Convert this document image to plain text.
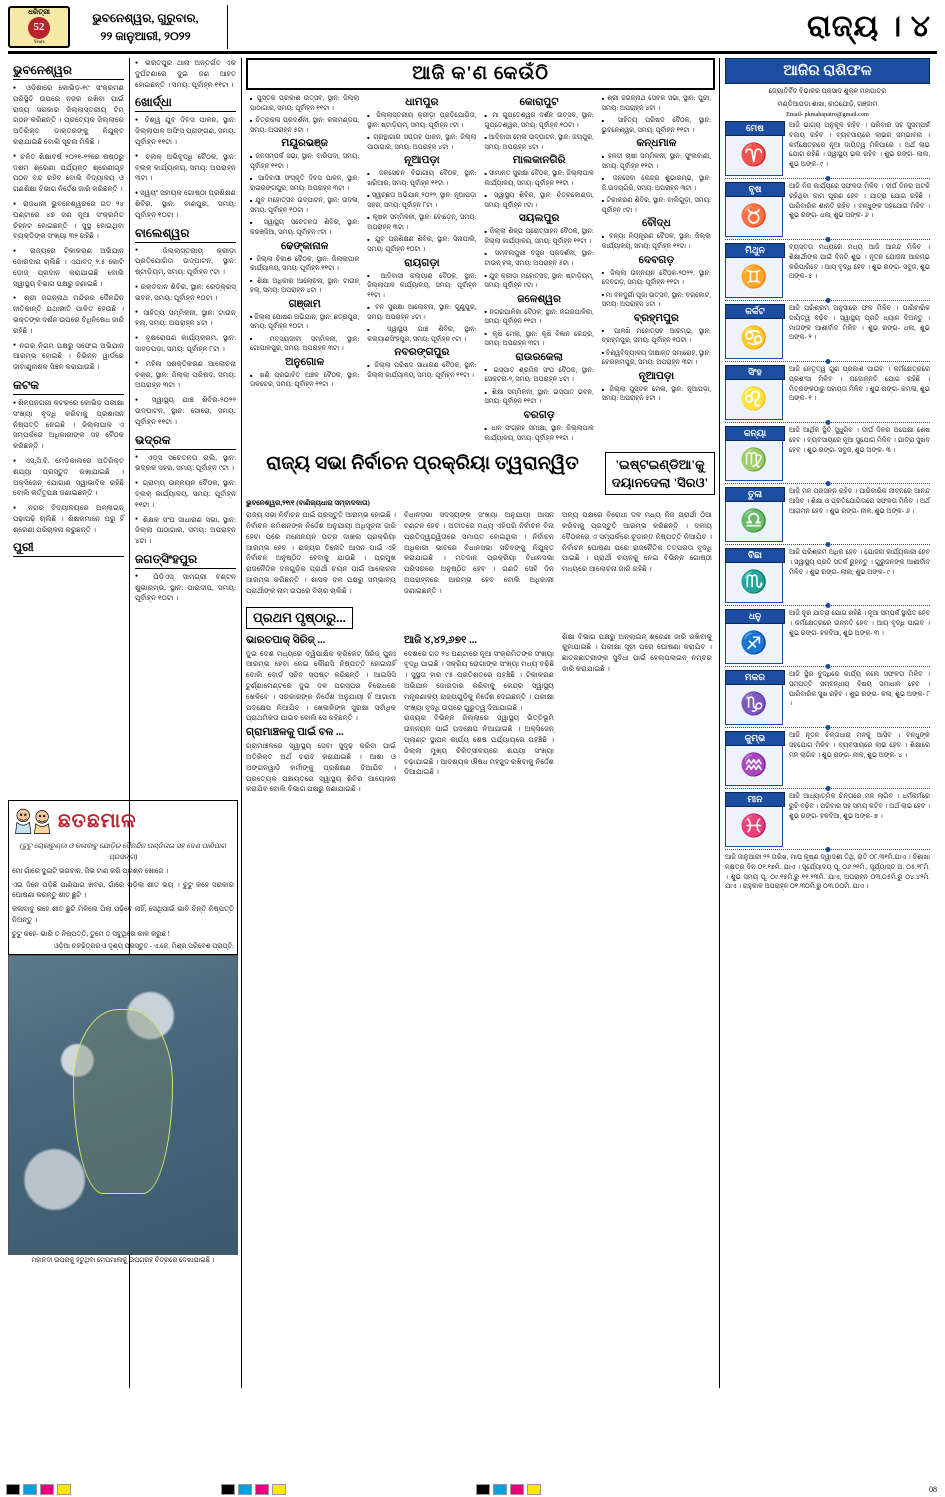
ଧରିତ୍ରୀ
52
Years
ଭୁବନେଶ୍ୱର, ଗୁରୁବାର,
୨୨ ଜାନୁଆରୀ, ୨୦୨୨	ରାଜ୍ୟ । ୪
ଭୁବନେଶ୍ୱର

● ଓଡ଼ିଶାରେ କୋଭିଡ଼-୧୯ ସଂକ୍ରମଣ ପରିସ୍ଥିତି ଉପରେ ନଜର ରଖିବା ପାଇଁ ରାଜ୍ୟ ସରକାର ଜିଲ୍ଲାସ୍ତରୀୟ ଟିମ୍ ଗଠନ କରିଛନ୍ତି । ପ୍ରତ୍ୟେକ ଜିଲ୍ଲାରେ ଅତିରିକ୍ତ ଡାକ୍ତରଙ୍କୁ ନିଯୁକ୍ତ କରାଯାଇଛି ବୋଲି ସୂଚନା ମିଳିଛି ।

● ଚଳିତ ଶିକ୍ଷାବର୍ଷ ୨୦୨୧-୨୨ରେ ଷଷ୍ଠରୁ ଦଶମ ଶ୍ରେଣୀ ପର୍ଯ୍ୟନ୍ତ ଶ୍ରେଣୀଗୃହ ପଠନ ବନ୍ଦ ରହିବ ବୋଲି ବିଦ୍ୟାଳୟ ଓ ଗଣଶିକ୍ଷା ବିଭାଗ ନିର୍ଦ୍ଦେଶ ଜାରି କରିଛନ୍ତି ।

● ରାଜଧାନୀ ଭୁବନେଶ୍ୱରରେ ଗତ ୨୪ ଘଣ୍ଟାରେ ୪୭ ଜଣ ନୂଆ ସଂକ୍ରମିତ ଚିହ୍ନଟ ହୋଇଛନ୍ତି । ସୁସ୍ଥ ହୋଇଥିବା ବ୍ୟକ୍ତିଙ୍କ ସଂଖ୍ୟା ୩୨ ରହିଛି ।

● ରାଜ୍ୟରେ ଟିକାକରଣ ଅଭିଯାନ ଜୋରଦାର ଚାଲିଛି । ଏଯାବତ୍ ୨.୫ କୋଟି ଡୋଜ୍ ପ୍ରଦାନ କରାଯାଇଛି ବୋଲି ସ୍ୱାସ୍ଥ୍ୟ ବିଭାଗ ପକ୍ଷରୁ ଜଣାଇଛି ।

● ଶ୍ରୀ ଜଗନ୍ନାଥ ମନ୍ଦିରର ଦୈନନ୍ଦିନ ନୀତିକାନ୍ତି ଯଥାରୀତି ପାଳିତ ହେଉଛି । ଭକ୍ତଙ୍କ ଦର୍ଶନ ଉପରେ ବିଧିନିଷେଧ ଜାରି ରହିଛି ।

● ନଗର ନିଗମ ପକ୍ଷରୁ ସଫେଇ ଅଭିଯାନ ଆରମ୍ଭ ହୋଇଛି । ବିଭିନ୍ନ ୱାର୍ଡରେ ଜୀବାଣୁନାଶକ ସିଞ୍ଚନ କରାଯାଉଛି ।

କଟକ

● ଶିଳ୍ପନଗରୀ କଟକରେ କୋଭିଡ଼ ପରୀକ୍ଷା ସଂଖ୍ୟା ବୃଦ୍ଧି କରିବାକୁ ପ୍ରଶାସନ ନିଷ୍ପତ୍ତି ନେଇଛି । ଜିଲ୍ଲାପାଳ ଏ ସମ୍ପର୍କରେ ଅଧିକାରୀଙ୍କ ସହ ବୈଠକ କରିଛନ୍ତି ।

● ଏସ୍.ସି.ବି. ମେଡ଼ିକାଲରେ ଅତିରିକ୍ତ ଶଯ୍ୟା ପ୍ରସ୍ତୁତ ରଖାଯାଇଛି । ଅକ୍ସିଜେନ୍ ଯୋଗାଣ ସ୍ୱାଭାବିକ ରହିଛି ବୋଲି କର୍ତ୍ତୃପକ୍ଷ ଜଣାଇଛନ୍ତି ।

● ନଗର ବିଦ୍ୟାଳୟରେ ଅନ୍‌ଲାଇନ୍ ପଢ଼ାପଢ଼ି ଚାଲିଛି । ଶିକ୍ଷକମାନେ ଘରୁ ହିଁ ଶ୍ରେଣୀ ପରିଚାଳନା କରୁଛନ୍ତି ।

ପୁରୀ

● ଭରତପୁର ଥାନା ଅନ୍ତର୍ଗତ ଏକ ଦୁର୍ଘଟଣାରେ ଦୁଇ ଜଣ ଆହତ ହୋଇଛନ୍ତି । ସମୟ: ପୂର୍ବାହ୍ନ ୧୧ଟା ।

ଖୋର୍ଦ୍ଧା

● ବିଶ୍ୱ ଯୁବ ଦିବସ ପାଳନ, ସ୍ଥାନ: ଜିଲ୍ଲାପାଳ ଅଫିସ୍ ପ୍ରାଙ୍ଗଣ, ସମୟ: ପୂର୍ବାହ୍ନ ୧୧ଟା ।

● ବ୍ଲକ୍ ଅଭିବୃଦ୍ଧି ବୈଠକ, ସ୍ଥାନ: ବ୍ଲକ୍ କାର୍ଯ୍ୟାଳୟ, ସମୟ: ଅପରାହ୍ନ ୩ଟା ।

● ସ୍ୱୟଂ ସହାୟକ ଗୋଷ୍ଠୀ ପ୍ରଶିକ୍ଷଣ ଶିବିର, ସ୍ଥାନ: ବାଣପୁର, ସମୟ: ପୂର୍ବାହ୍ନ ୧୦ଟା ।

ବାଲେଶ୍ୱର

● ଜିଲ୍ଲାସ୍ତରୀୟ କ୍ରୀଡ଼ା ପ୍ରତିଯୋଗିତା ଉଦ୍‌ଘାଟନ, ସ୍ଥାନ: ଷ୍ଟାଡ଼ିୟମ୍, ସମୟ: ପୂର୍ବାହ୍ନ ୯ଟା ।

● ରକ୍ତଦାନ ଶିବିର, ସ୍ଥାନ: ରେଡ଼୍‌କ୍ରସ୍ ଭବନ, ସମୟ: ପୂର୍ବାହ୍ନ ୧୦ଟା ।

● ସାହିତ୍ୟ ସମ୍ମିଳନୀ, ସ୍ଥାନ: ଟାଉନ୍ ହଲ୍, ସମୟ: ଅପରାହ୍ନ ୪ଟା ।

● ବୃକ୍ଷରୋପଣ କାର୍ଯ୍ୟକ୍ରମ, ସ୍ଥାନ: ସାହଡ଼ପଡ଼ା, ସମୟ: ପୂର୍ବାହ୍ନ ୮ଟା ।

● ମହିଳା ସଶକ୍ତିକରଣ ଆଲୋଚନା ଚକ୍ର, ସ୍ଥାନ: ଜିଲ୍ଲା ପରିଷଦ, ସମୟ: ଅପରାହ୍ନ ୩ଟା ।

● ସ୍ୱାସ୍ଥ୍ୟ ଯାଞ୍ଚ ଶିବିର-୨୦୨୨ ଉଦ୍‌ଘାଟନ, ସ୍ଥାନ: ସୋରୋ, ସମୟ: ପୂର୍ବାହ୍ନ ୧୧ଟା ।

ଭଦ୍ରକ

● ଏଡ଼୍‌ସ ସଚେତନତା ରାଲି, ସ୍ଥାନ: ଭଦ୍ରକ ସହର, ସମୟ: ପୂର୍ବାହ୍ନ ୯ଟା ।

● ଗ୍ରାମ୍ୟ ଉନ୍ନୟନ ବୈଠକ, ସ୍ଥାନ: ବ୍ଲକ୍ କାର୍ଯ୍ୟାଳୟ, ସମୟ: ପୂର୍ବାହ୍ନ ୧୧ଟା ।

● ଶିକ୍ଷକ ସଂଘ ସାଧାରଣ ସଭା, ସ୍ଥାନ: ଜିଲ୍ଲା ପାଠାଗାର, ସମୟ: ଅପରାହ୍ନ ୪ଟା ।

ଜଗତ୍‌ସିଂହପୁର

● ପିଡ଼ିଏସ୍ ସାମଗ୍ରୀ ବଣ୍ଟନ ଶୁଭାରମ୍ଭ, ସ୍ଥାନ: ପାରାଦୀପ, ସମୟ: ପୂର୍ବାହ୍ନ ୧୦ଟା ।

ଆଜି କ'ଣ କେଉଁଠି
■ ପୁସ୍ତକ ପ୍ରକାଶ ଉତ୍ସବ, ସ୍ଥାନ: ଜିଲ୍ଲା ପାଠାଗାର, ସମୟ: ପୂର୍ବାହ୍ନ ୧୧ଟା ।
■ ଚିତ୍ରକଳା ପ୍ରଦର୍ଶନୀ, ସ୍ଥାନ: କଳାମଣ୍ଡପ, ସମୟ: ଅପରାହ୍ନ ୫ଟା ।
ମୟୂରଭଞ୍ଜ
■ ଜନସମ୍ପର୍କ ସଭା, ସ୍ଥାନ: ବାରିପଦା, ସମୟ: ପୂର୍ବାହ୍ନ ୧୧ଟା ।
■ ଆଦିବାସୀ ସଂସ୍କୃତି ଦିବସ ପାଳନ, ସ୍ଥାନ: ରାଇରଙ୍ଗପୁର, ସମୟ: ଅପରାହ୍ନ ୩ଟା ।
■ ଯୁବ ମହୋତ୍ସବ ଉଦ୍‌ଘାଟନ, ସ୍ଥାନ: ଉଦଳା, ସମୟ: ପୂର୍ବାହ୍ନ ୧୦ଟା ।
■ ସ୍ୱାସ୍ଥ୍ୟ ସଚେତନତା ଶିବିର, ସ୍ଥାନ: କରଞ୍ଜିଆ, ସମୟ: ପୂର୍ବାହ୍ନ ୯ଟା ।
ଢେଙ୍କାନାଳ
■ ଜିଲ୍ଲା ବିକାଶ ବୈଠକ, ସ୍ଥାନ: ଜିଲ୍ଲାପାଳ କାର୍ଯ୍ୟାଳୟ, ସମୟ: ପୂର୍ବାହ୍ନ ୧୧ଟା ।
■ ଶିକ୍ଷା ଅଧିକାର ଆଲୋଚନା, ସ୍ଥାନ: ଟାଉନ୍ ହଲ୍, ସମୟ: ଅପରାହ୍ନ ୪ଟା ।
ଗଞ୍ଜାମ
■ ଜିଲ୍ଲା ପୋଷଣ ଅଭିଯାନ, ସ୍ଥାନ: ଛତ୍ରପୁର, ସମୟ: ପୂର୍ବାହ୍ନ ୧୦ଟା ।
■ ମତ୍ସ୍ୟଜୀବୀ ସମ୍ମିଳନୀ, ସ୍ଥାନ: ଗୋପାଳପୁର, ସମୟ: ଅପରାହ୍ନ ୩ଟା ।
ଅନୁଗୋଳ
■ ଖଣି ପ୍ରଭାବିତ ଅଞ୍ଚଳ ବୈଠକ, ସ୍ଥାନ: ତାଳଚେର, ସମୟ: ପୂର୍ବାହ୍ନ ୧୧ଟା ।
ଧାମପୁର
■ ଜିଲ୍ଲାସ୍ତରୀୟ କ୍ରୀଡ଼ା ପ୍ରତିଯୋଗିତା, ସ୍ଥାନ: ଷ୍ଟାଡ଼ିୟମ୍, ସମୟ: ପୂର୍ବାହ୍ନ ୯ଟା ।
■ ଗ୍ରନ୍ଥାଗାର ସପ୍ତାହ ପାଳନ, ସ୍ଥାନ: ଜିଲ୍ଲା ପାଠାଗାର, ସମୟ: ଅପରାହ୍ନ ୪ଟା ।
ନୂଆପଡ଼ା
■ ଜଳସେଚନ ବିଭାଗୀୟ ବୈଠକ, ସ୍ଥାନ: ଖରିଆର, ସମୟ: ପୂର୍ବାହ୍ନ ୧୧ଟା ।
■ ସ୍ୱଚ୍ଛତା ଅଭିଯାନ ୨୦୨୨, ସ୍ଥାନ: ନୂଆପଡ଼ା ସହର, ସମୟ: ପୂର୍ବାହ୍ନ ୮ଟା ।
■ କୃଷକ ସମ୍ମିଳନୀ, ସ୍ଥାନ: ବୋଡ଼େନ୍, ସମୟ: ଅପରାହ୍ନ ୩ଟା ।
■ ଯୁବ ପ୍ରଶିକ୍ଷଣ ଶିବିର, ସ୍ଥାନ: ସିନାପାଲି, ସମୟ: ପୂର୍ବାହ୍ନ ୧୦ଟା ।
ରାୟଗଡ଼ା
■ ଆଦିବାସୀ କଲ୍ୟାଣ ବୈଠକ, ସ୍ଥାନ: ଜିଲ୍ଲାପାଳ କାର୍ଯ୍ୟାଳୟ, ସମୟ: ପୂର୍ବାହ୍ନ ୧୧ଟା ।
■ ବନ ସୁରକ୍ଷା ଆଲୋଚନା, ସ୍ଥାନ: ଗୁଣୁପୁର, ସମୟ: ଅପରାହ୍ନ ୪ଟା ।
■ ସ୍ୱାସ୍ଥ୍ୟ ଯାଞ୍ଚ ଶିବିର, ସ୍ଥାନ: କଲ୍ୟାଣସିଂହପୁର, ସମୟ: ପୂର୍ବାହ୍ନ ୯ଟା ।
ନବରଙ୍ଗପୁର
■ ଜିଲ୍ଲା ପରିଷଦ ସାଧାରଣ ବୈଠକ, ସ୍ଥାନ: ଜିଲ୍ଲା କାର୍ଯ୍ୟାଳୟ, ସମୟ: ପୂର୍ବାହ୍ନ ୧୧ଟା ।
କୋରାପୁଟ
■ ମା ଗୁପ୍ତେଶ୍ୱର ଦର୍ଶନ ଉତ୍ସବ, ସ୍ଥାନ: ଗୁପ୍ତେଶ୍ୱର, ସମୟ: ପୂର୍ବାହ୍ନ ୧୦ଟା ।
■ ଆଦିବାସୀ ମେଳା ଉଦ୍‌ଘାଟନ, ସ୍ଥାନ: ଜୟପୁର, ସମୟ: ଅପରାହ୍ନ ୪ଟା ।
ମାଲକାନଗିରି
■ ସୀମାନ୍ତ ସୁରକ୍ଷା ବୈଠକ, ସ୍ଥାନ: ଜିଲ୍ଲାପାଳ କାର୍ଯ୍ୟାଳୟ, ସମୟ: ପୂର୍ବାହ୍ନ ୧୧ଟା ।
■ ସ୍ୱାସ୍ଥ୍ୟ ଶିବିର, ସ୍ଥାନ: ଚିତ୍ରକୋଣ୍ଡା, ସମୟ: ପୂର୍ବାହ୍ନ ୯ଟା ।
ସୟଲପୁର
■ ଜିଲ୍ଲା ଶିଳ୍ପ ପ୍ରୋତ୍ସାହନ ବୈଠକ, ସ୍ଥାନ: ଜିଲ୍ଲା କାର୍ଯ୍ୟାଳୟ, ସମୟ: ପୂର୍ବାହ୍ନ ୧୧ଟା ।
■ ସମ୍ବଲପୁରୀ ବସ୍ତ୍ର ପ୍ରଦର୍ଶନୀ, ସ୍ଥାନ: ଟାଉନ୍ ହଲ୍, ସମୟ: ଅପରାହ୍ନ ୫ଟା ।
■ ଯୁବ କ୍ରୀଡ଼ା ମହୋତ୍ସବ, ସ୍ଥାନ: ଷ୍ଟାଡ଼ିୟମ୍, ସମୟ: ପୂର୍ବାହ୍ନ ୯ଟା ।
ଜଳେଶ୍ୱର
■ ନଗରପାଳିକା ବୈଠକ, ସ୍ଥାନ: ନଗରପାଳିକା, ସମୟ: ପୂର୍ବାହ୍ନ ୧୧ଟା ।
■ କୃଷି ମେଳା, ସ୍ଥାନ: କୃଷି ବିଜ୍ଞାନ କେନ୍ଦ୍ର, ସମୟ: ଅପରାହ୍ନ ୩ଟା ।
ରାଉରକେଲା
■ ଇସ୍‌ପାତ ଶ୍ରମିକ ସଂଘ ବୈଠକ, ସ୍ଥାନ: ସେକ୍ଟର-୨, ସମୟ: ଅପରାହ୍ନ ୪ଟା ।
■ ଶିକ୍ଷା ସମ୍ମିଳନୀ, ସ୍ଥାନ: ଇସ୍‌ପାତ ଭବନ, ସମୟ: ପୂର୍ବାହ୍ନ ୧୧ଟା ।
ବରଗଡ଼
■ ଧାନ ସଂଗ୍ରହ ସମୀକ୍ଷା, ସ୍ଥାନ: ଜିଲ୍ଲାପାଳ କାର୍ଯ୍ୟାଳୟ, ସମୟ: ପୂର୍ବାହ୍ନ ୧୧ଟା ।
■ ଶ୍ରୀ ଜଗନ୍ନାଥ ସେବକ ସଭା, ସ୍ଥାନ: ପୁରୀ, ସମୟ: ଅପରାହ୍ନ ୪ଟା ।
■ ସାହିତ୍ୟ ପରିଷଦ ବୈଠକ, ସ୍ଥାନ: ଭୁବନେଶ୍ୱର, ସମୟ: ପୂର୍ବାହ୍ନ ୧୧ଟା ।
କନ୍ଧମାଳ
■ ହଳଦୀ ଚାଷୀ ସମ୍ମିଳନୀ, ସ୍ଥାନ: ଫୁଲବାଣୀ, ସମୟ: ପୂର୍ବାହ୍ନ ୧୧ଟା ।
■ ଜନସେବା କେନ୍ଦ୍ର ଶୁଭାରମ୍ଭ, ସ୍ଥାନ: ଜି.ଉଦୟଗିରି, ସମୟ: ଅପରାହ୍ନ ୩ଟା ।
■ ଟିକାକରଣ ଶିବିର, ସ୍ଥାନ: ବାଲିଗୁଡ଼ା, ସମୟ: ପୂର୍ବାହ୍ନ ୯ଟା ।
ବୌଦ୍ଧ
■ ବନ୍ୟା ନିୟନ୍ତ୍ରଣ ବୈଠକ, ସ୍ଥାନ: ଜିଲ୍ଲା କାର୍ଯ୍ୟାଳୟ, ସମୟ: ପୂର୍ବାହ୍ନ ୧୧ଟା ।
ଦେବଗଡ଼
■ ଜିଲ୍ଲା ଉନ୍ନୟନ ବୈଠକ-୨୦୨୨, ସ୍ଥାନ: ଦେବଗଡ଼, ସମୟ: ପୂର୍ବାହ୍ନ ୧୧ଟା ।
■ ମା ବନଦୁର୍ଗା ପୂଜା ଉତ୍ସବ, ସ୍ଥାନ: ବରକୋଟ, ସମୟ: ଅପରାହ୍ନ ୪ଟା ।
ବ୍ରହ୍ମପୁର
■ ପାଳଖି ମହୋତ୍ସବ ଆରମ୍ଭ, ସ୍ଥାନ: ବ୍ରହ୍ମପୁର, ସମୟ: ପୂର୍ବାହ୍ନ ୧୦ଟା ।
■ ବିଶ୍ୱବିଦ୍ୟାଳୟ ଦୀକ୍ଷାନ୍ତ ସମାରୋହ, ସ୍ଥାନ: ବେରହାମପୁର, ସମୟ: ଅପରାହ୍ନ ୩ଟା ।
ନୂଆପଡ଼ା
■ ଜିଲ୍ଲା ପୁସ୍ତକ ମେଳା, ସ୍ଥାନ: ନୂଆପଡ଼ା, ସମୟ: ଅପରାହ୍ନ ୫ଟା ।
ରାଜ୍ୟ ସଭା ନିର୍ବାଚନ ପ୍ରକ୍ରିୟା ତ୍ୱରାନ୍ୱିତ	'ଇଷ୍ଟଇଣ୍ଡିଆ'କୁ ଦୟାନଦେଲା 'ସିରଓ'
ଭୁବନେଶ୍ୱର,୨୧ା୧ (ବାଣିଜ୍ୟଧାରା ସମ୍ବାଦଦାତା)
ରାଜ୍ୟ ସଭା ନିର୍ବାଚନ ପାଇଁ ପ୍ରସ୍ତୁତି ଆରମ୍ଭ ହୋଇଛି । ନିର୍ବାଚନ କମିଶନଙ୍କ ନିର୍ଦ୍ଦେଶ ଅନୁଯାୟୀ ଅଧିସୂଚନା ଜାରି ହେବା ପରେ ମନୋନୟନ ପତ୍ର ଦାଖଲ ପ୍ରକ୍ରିୟା ଆରମ୍ଭ ହେବ । ରାଜ୍ୟର ତିନୋଟି ଆସନ ପାଇଁ ଏହି ନିର୍ବାଚନ ଅନୁଷ୍ଠିତ ହେବାକୁ ଯାଉଛି । ପ୍ରମୁଖ ରାଜନୈତିକ ଦଳଗୁଡ଼ିକ ପ୍ରାର୍ଥୀ ଚୟନ ପାଇଁ ଆଲୋଚନା ଆରମ୍ଭ କରିଛନ୍ତି । ଶାସକ ଦଳ ପକ୍ଷରୁ ସମ୍ଭାବ୍ୟ ପ୍ରାର୍ଥୀଙ୍କ ନାମ ଉପରେ ବିଚାର ଚାଲିଛି ।
ବିଧାନସଭା ସଦସ୍ୟଙ୍କ ସଂଖ୍ୟା ଅନୁଯାୟୀ ଆସନ ବଣ୍ଟନ ହେବ । ଅତୀତରେ ମଧ୍ୟ ଏହିପରି ନିର୍ବାଚନ ବିନା ପ୍ରତିଦ୍ୱନ୍ଦ୍ୱିତାରେ ସମାପ୍ତ ହୋଇଥିଲା । ନିର୍ବାଚନ ଅଧିକାରୀ ଭାବରେ ବିଧାନସଭା ସଚିବଙ୍କୁ ନିଯୁକ୍ତ କରାଯାଇଛି । ମତଦାନ ପ୍ରକ୍ରିୟା ବିଧାନସଭା ପରିସରରେ ଅନୁଷ୍ଠିତ ହେବ । ଗଣତି ସେହି ଦିନ ଅପରାହ୍ନରେ ଆରମ୍ଭ ହେବ ବୋଲି ଅଧିକାରୀ ଜଣାଇଛନ୍ତି ।
ଅନ୍ୟ ପକ୍ଷରେ ବିରୋଧୀ ଦଳ ମଧ୍ୟ ନିଜ ପ୍ରାର୍ଥୀ ଠିଆ କରିବାକୁ ପ୍ରସ୍ତୁତି ଆରମ୍ଭ କରିଛନ୍ତି । ଦଳୀୟ ବୈଠକରେ ଏ ସମ୍ପର୍କରେ ଚୂଡ଼ାନ୍ତ ନିଷ୍ପତ୍ତି ନିଆଯିବ । ନିର୍ବାଚନ ଘୋଷଣା ପରେ ରାଜନୈତିକ ତତ୍ପରତା ବୃଦ୍ଧି ପାଇଛି । ପ୍ରାର୍ଥୀ ଚୟନକୁ ନେଇ ବିଭିନ୍ନ ଗୋଷ୍ଠୀ ମଧ୍ୟରେ ଆଲୋଚନା ଜାରି ରହିଛି ।
ପ୍ରଥମ ପୃଷ୍ଠାରୁ...
ଭାରତପାକ୍ ସିରିଜ୍ ...
ଦୁଇ ଦେଶ ମଧ୍ୟରେ ଦ୍ୱିପାକ୍ଷିକ କ୍ରିକେଟ୍ ସିରିଜ୍ ପୁନଃ ଆରମ୍ଭ ହେବା ନେଇ କୌଣସି ନିଷ୍ପତ୍ତି ହୋଇନାହିଁ ବୋଲି ବୋର୍ଡ ସଚିବ ସ୍ପଷ୍ଟ କରିଛନ୍ତି । ଆଇସିସି ଟୁର୍ଣ୍ଣାମେଣ୍ଟରେ ଦୁଇ ଦଳ ପରସ୍ପର ବିରୋଧରେ ଖେଳିବେ । ସରକାରଙ୍କ ନିର୍ଦ୍ଦେଶ ଅନୁଯାୟୀ ହିଁ ଆଗାମୀ ପଦକ୍ଷେପ ନିଆଯିବ । ଖେଳାଳିଙ୍କ ସୁରକ୍ଷା ସର୍ବାଧିକ ପ୍ରାଥମିକତା ପାଇବ ବୋଲି ସେ କହିଛନ୍ତି ।
ଗ୍ରାମାଞ୍ଚଳକୁ ପାଇଁ ବଳ ...
ଗ୍ରାମାଞ୍ଚଳରେ ସ୍ୱାସ୍ଥ୍ୟ ସେବା ସୁଦୃଢ଼ କରିବା ପାଇଁ ଅତିରିକ୍ତ ଅର୍ଥ ବରାଦ କରାଯାଇଛି । ଆଶା ଓ ଅଙ୍ଗନୱାଡ଼ି କର୍ମୀଙ୍କୁ ପ୍ରଶିକ୍ଷଣ ଦିଆଯିବ । ପ୍ରତ୍ୟେକ ପଞ୍ଚାୟତରେ ସ୍ୱାସ୍ଥ୍ୟ ଶିବିର ଆୟୋଜନ କରାଯିବ ବୋଲି ବିଭାଗ ପକ୍ଷରୁ ଜଣାଯାଇଛି ।
ଆଜି ୪,୪୨,୬୭୧ ...
ଦେଶରେ ଗତ ୨୪ ଘଣ୍ଟାରେ ନୂଆ ସଂକ୍ରମିତଙ୍କ ସଂଖ୍ୟା ବୃଦ୍ଧି ପାଇଛି । ସକ୍ରିୟ ରୋଗୀଙ୍କ ସଂଖ୍ୟା ମଧ୍ୟ ବଢ଼ିଛି । ସୁସ୍ଥତା ହାର ୯୫ ପ୍ରତିଶତରେ ପହଞ୍ଚିଛି । ଟିକାକରଣ ଅଭିଯାନ ଜୋରଦାର କରିବାକୁ କେନ୍ଦ୍ର ସ୍ୱାସ୍ଥ୍ୟ ମନ୍ତ୍ରଣାଳୟ ରାଜ୍ୟଗୁଡ଼ିକୁ ନିର୍ଦ୍ଦେଶ ଦେଇଛନ୍ତି । ପରୀକ୍ଷା ସଂଖ୍ୟା ବୃଦ୍ଧି ଉପରେ ଗୁରୁତ୍ୱ ଦିଆଯାଇଛି ।
ରାଜ୍ୟର ବିଭିନ୍ନ ଜିଲ୍ଲାରେ ସ୍ୱାସ୍ଥ୍ୟ ଭିତ୍ତିଭୂମି ଉନ୍ନୟନ ପାଇଁ ପଦକ୍ଷେପ ନିଆଯାଇଛି । ଅକ୍ସିଜେନ୍ ପ୍ଲାଣ୍ଟ ସ୍ଥାପନ କାର୍ଯ୍ୟ ଶେଷ ପର୍ଯ୍ୟାୟରେ ପହଞ୍ଚିଛି । ଜିଲ୍ଲା ମୁଖ୍ୟ ଚିକିତ୍ସାଳୟରେ ଶଯ୍ୟା ସଂଖ୍ୟା ବଢ଼ାଯାଇଛି । ଆବଶ୍ୟକ ଔଷଧ ମହଜୁଦ ରଖିବାକୁ ନିର୍ଦ୍ଦେଶ ଦିଆଯାଇଛି ।
ଶିକ୍ଷା ବିଭାଗ ପକ୍ଷରୁ ଅନ୍‌ଲାଇନ୍ ଶ୍ରେଣୀ ଜାରି ରଖିବାକୁ କୁହାଯାଇଛି । ପରୀକ୍ଷା ସୂଚୀ ପରେ ଘୋଷଣା କରାଯିବ । ଛାତ୍ରଛାତ୍ରୀଙ୍କ ସୁବିଧା ପାଇଁ ହେଲ୍ପଲାଇନ୍ ନମ୍ବର ଜାରି କରାଯାଇଛି ।
ଆଜିର ରାଶିଫଳ
ଜ୍ୟୋତିର୍ବିଦ ବିଭାକର ପ୍ରସାଦ ଶୁକ୍ଳ ମହାପାତ୍ର
ମଣ୍ଡିଆପଡ଼ା ଶାଖା, କାଠଯୋଡ଼ି, ଗଞ୍ଜାମ
Email- pkmahapatro@gmail.com
ମେଷ
♈
ଆଜି ଭାଗ୍ୟ ଅନୁକୂଳ ରହିବ । ପରିବାର ସହ ସୁସମ୍ପର୍କ ବଜାୟ ରହିବ । ବ୍ୟବସାୟରେ ଲାଭର ସମ୍ଭାବନା । କର୍ମକ୍ଷେତ୍ରରେ ନୂଆ ଦାୟିତ୍ୱ ମିଳିପାରେ । ଅର୍ଥ ଲାଭ ଯୋଗ ରହିଛି । ସ୍ୱାସ୍ଥ୍ୟ ଭଲ ରହିବ । ଶୁଭ ରଙ୍ଗ- ଲାଲ, ଶୁଭ ଅଙ୍କ- ୯ ।
ବୃଷ
♉
ଆଜି ନିଜ କାର୍ଯ୍ୟରେ ସଫଳତା ମିଳିବ । ଦୀର୍ଘ ଦିନର ଅଟକି ରହିଥିବା କାମ ପୂରଣ ହେବ । ଯାତ୍ରା ଯୋଗ ରହିଛି । ପାରିବାରିକ ଶାନ୍ତି ରହିବ । ବନ୍ଧୁଙ୍କ ସହଯୋଗ ମିଳିବ । ଶୁଭ ରଙ୍ଗ- ଧଳା, ଶୁଭ ଅଙ୍କ- ୬ ।
ମିଥୁନ
♊
ବ୍ୟସ୍ତତା ମଧ୍ୟରେ ମଧ୍ୟ ଆଜି ଆନନ୍ଦ ମିଳିବ । ଶିକ୍ଷାର୍ଥୀଙ୍କ ପାଇଁ ଦିନଟି ଶୁଭ । ନୂତନ ଯୋଜନା ଆରମ୍ଭ କରିପାରିବେ । ଆୟ ବୃଦ୍ଧି ହେବ । ଶୁଭ ରଙ୍ଗ- ସବୁଜ, ଶୁଭ ଅଙ୍କ- ୫ ।
କର୍କଟ
♋
ଆଜି ପରିଶ୍ରମ ଅନୁସାରେ ଫଳ ମିଳିବ । ପାରିବାରିକ ଦାୟିତ୍ୱ ବଢ଼ିବ । ସ୍ୱାସ୍ଥ୍ୟ ପ୍ରତି ଧ୍ୟାନ ଦିଅନ୍ତୁ । ମାତାଙ୍କ ଆଶୀର୍ବାଦ ମିଳିବ । ଶୁଭ ରଙ୍ଗ- ଧଳା, ଶୁଭ ଅଙ୍କ- ୨ ।
ସିଂହ
♌
ଆଜି ନେତୃତ୍ୱ ଗୁଣ ପ୍ରକାଶ ପାଇବ । କର୍ମକ୍ଷେତ୍ରରେ ପ୍ରଶଂସା ମିଳିବ । ପଦୋନ୍ନତି ଯୋଗ ରହିଛି । ମିତ୍ରଙ୍କଠାରୁ ସହାୟତା ମିଳିବ । ଶୁଭ ରଙ୍ଗ- କମଳା, ଶୁଭ ଅଙ୍କ- ୧ ।
କନ୍ୟା
♍
ଆଜି ଆର୍ଥିକ ସ୍ଥିତି ସୁଧୁରିବ । ଦୀର୍ଘ ଦିନର ଅପେକ୍ଷା ଶେଷ ହେବ । ବ୍ୟବସାୟରେ ନୂଆ ସୁଯୋଗ ମିଳିବ । ଯାତ୍ରା ସୁଖଦ ହେବ । ଶୁଭ ରଙ୍ଗ- ସବୁଜ, ଶୁଭ ଅଙ୍କ- ୩ ।
ତୁଳା
♎
ଆଜି ମନ ପ୍ରସନ୍ନ ରହିବ । ପାରିବାରିକ ଜୀବନରେ ଆନନ୍ଦ ଆସିବ । ଶିକ୍ଷା ଓ ପ୍ରତିଯୋଗିତାରେ ସଫଳତା ମିଳିବ । ଅର୍ଥ ଆଗମନ ହେବ । ଶୁଭ ରଙ୍ଗ- ନୀଳ, ଶୁଭ ଅଙ୍କ- ୬ ।
ବିଛା
♏
ଆଜି ପରିଶ୍ରମ ଅଧିକ ହେବ । ଯୋଜନା କାର୍ଯ୍ୟକାରୀ ହେବ । ସ୍ୱାସ୍ଥ୍ୟ ପ୍ରତି ସତର୍କ ରୁହନ୍ତୁ । ଗୁରୁଜନଙ୍କ ଆଶୀର୍ବାଦ ମିଳିବ । ଶୁଭ ରଙ୍ଗ- ଲାଲ, ଶୁଭ ଅଙ୍କ- ୯ ।
ଧନୁ
♐
ଆଜି ଦୂର ଯାତ୍ରା ଯୋଗ ରହିଛି । ନୂଆ ସମ୍ପର୍କ ସ୍ଥାପିତ ହେବ । କର୍ମକ୍ଷେତ୍ରରେ ଉନ୍ନତି ହେବ । ଆୟ ବୃଦ୍ଧି ପାଇବ । ଶୁଭ ରଙ୍ଗ- ହଳଦିଆ, ଶୁଭ ଅଙ୍କ- ୩ ।
ମକର
♑
ଆଜି ସ୍ଥିର ବୁଦ୍ଧିରେ କାର୍ଯ୍ୟ କଲେ ସଫଳତା ମିଳିବ । ସମ୍ପତ୍ତି ସମ୍ବନ୍ଧୀୟ ବିଷୟ ସମାଧାନ ହେବ । ପାରିବାରିକ ସୁଖ ରହିବ । ଶୁଭ ରଙ୍ଗ- କଳା, ଶୁଭ ଅଙ୍କ- ୮ ।
କୁମ୍ଭ
♒
ଆଜି ନୂତନ ଚିନ୍ତାଧାରା ମନକୁ ଆସିବ । ବନ୍ଧୁଙ୍କ ସହଯୋଗ ମିଳିବ । ବ୍ୟବସାୟରେ ଲାଭ ହେବ । ଶିକ୍ଷାରେ ମନ ଲାଗିବ । ଶୁଭ ରଙ୍ଗ- ନୀଳ, ଶୁଭ ଅଙ୍କ- ୪ ।
ମୀନ
♓
ଆଜି ଆଧ୍ୟାତ୍ମିକ ଚିନ୍ତାରେ ମନ ଲାଗିବ । ଧର୍ମକର୍ମରେ ରୁଚି ବଢ଼ିବ । ପରିବାର ସହ ସମୟ କଟିବ । ଅର୍ଥ ଲାଭ ହେବ । ଶୁଭ ରଙ୍ଗ- ହଳଦିଆ, ଶୁଭ ଅଙ୍କ- ୭ ।
ଆଜି ଜାନୁଆରୀ ୨୨ ତାରିଖ, ମାଘ କୃଷ୍ଣ ଦ୍ୱାଦଶୀ ତିଥି, ରାତି ୦୮.୩୧ମି.ଯାଏ । ବିଶାଖା ନକ୍ଷତ୍ର ଦିନ ୦୧.୧୭ମି. ଯାଏ । ସୂର୍ଯ୍ୟୋଦୟ ପୂ. ୦୬.୨୧ମି., ସୂର୍ଯ୍ୟାସ୍ତ ଅ. ୦୫.୨୮ମି. । ଶୁଭ ସମୟ ପୂ. ୦୯.୧୫ମି.ରୁ ୧୧.୨୩ମି. ଯାଏ, ଅପରାହ୍ନ ୦୩.୦୫ମି.ରୁ ୦୪.୪୨ମି. ଯାଏ । ରାହୁକାଳ ଅପରାହ୍ନ ୦୧.୩୦ମି.ରୁ ୦୩.୦୦ମି. ଯାଏ ।
ଛତଛମାଳ
(ଚୁଟୁ ଚୋକାଚୁଣ୍ଡା ଓ କଳାବାବୁ ଯୋଡ଼ିର ଦୈନନ୍ଦିନ ପଣ୍ଡିତାଇ ସହ ଦେଶ ପାଣିପାଗ ପ୍ରସଙ୍ଗ)
ମୋ ଗାଁରେ ଦୁଇଟି ଭଗବାନ, ଜିଭ ଟାଣ କରି ପ୍ରଶ୍ନ ଖୋଜେ ।
ଏଇ ଦିନେ ପଡ଼ିଛି ପାଣିପାଗ ଖବର, ଗାଁରେ ପଡ଼ିଲା ଶୀତ ଭୟ । ଚୁଟୁ କହେ ସରକାର ଘୋଷଣା କରନ୍ତୁ ଶୀତ ଛୁଟି ।
କଳାବାବୁ କହେ ଶୀତ ଛୁଟି ମିଳିଲେ ପିଲା ପଢ଼ିବେ ନାହିଁ, ସେଥିପାଇଁ ଭାବି ଚିନ୍ତି ନିଷ୍ପତ୍ତି ନିଅନ୍ତୁ ।
ଚୁଟୁ କହେ- ଭାରି ତ ନିଷ୍ପତ୍ତି, ତୁମେ ତ ସବୁଥିରେ କାଳ କରୁଛ !
ଓଡ଼ିଆ ଚଳଚ୍ଚିତ୍ରର ଓ ଦୃଶ୍ୟ ପ୍ରସ୍ତୁତ - ଏ.କେ. ମିଶ୍ର ପରିବେଶ ପ୍ରାପ୍ତି:
ମହାନଦୀ ଉପରକୁ ହଟୁଥିବା ମେଘମାଳାକୁ ଉପଗ୍ରହ ଚିତ୍ରରେ ଦେଖାଯାଇଛି ।
08
